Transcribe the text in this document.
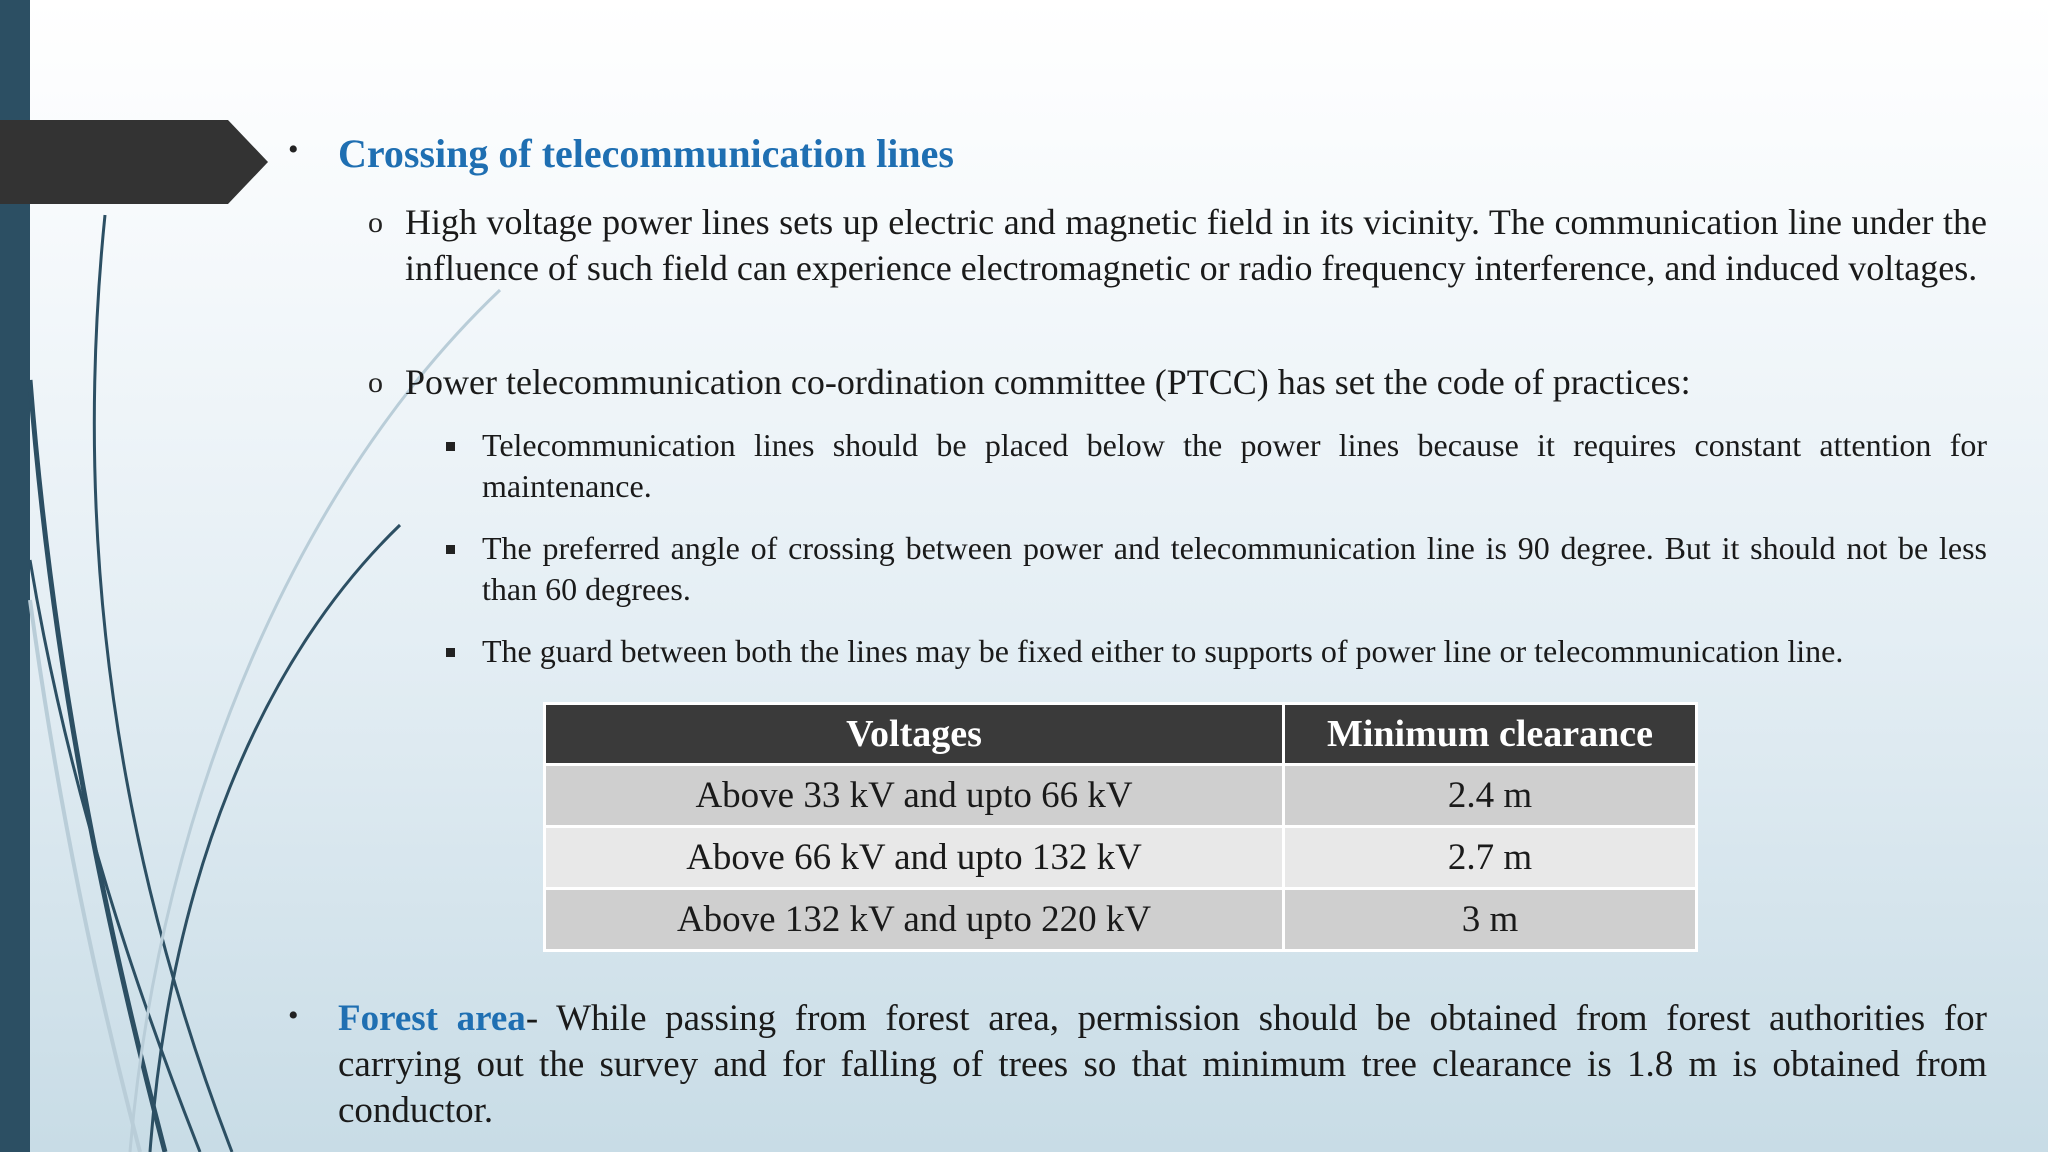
• Crossing of telecommunication lines
o High voltage power lines sets up electric and magnetic field in its vicinity. The communication line under the influence of such field can experience electromagnetic or radio frequency interference, and induced voltages.
o Power telecommunication co-ordination committee (PTCC) has set the code of practices:
Telecommunication lines should be placed below the power lines because it requires constant attention for maintenance.
The preferred angle of crossing between power and telecommunication line is 90 degree. But it should not be less than 60 degrees.
The guard between both the lines may be fixed either to supports of power line or telecommunication line.
Voltages	Minimum clearance
Above 33 kV and upto 66 kV	2.4 m
Above 66 kV and upto 132 kV	2.7 m
Above 132 kV and upto 220 kV	3 m
• Forest area- While passing from forest area, permission should be obtained from forest authorities for carrying out the survey and for falling of trees so that minimum tree clearance is 1.8 m is obtained from conductor.
